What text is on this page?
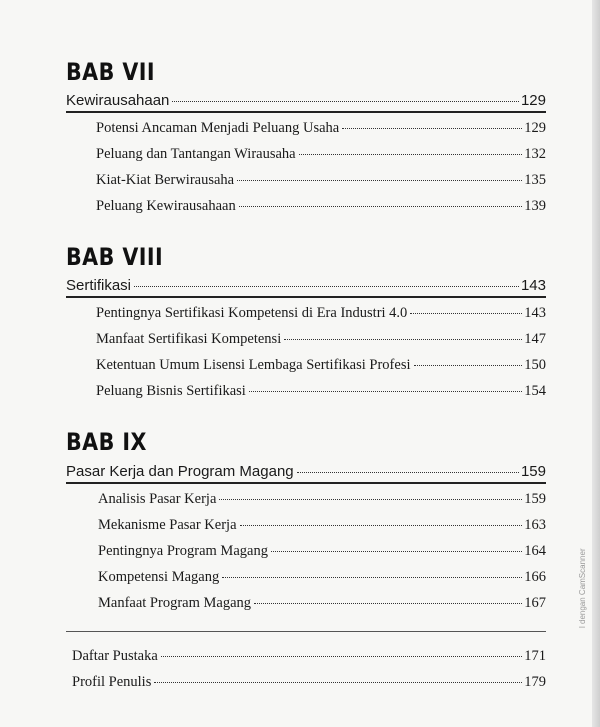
BAB VII
Kewirausahaan	129
Potensi Ancaman Menjadi Peluang Usaha	129
Peluang dan Tantangan Wirausaha	132
Kiat-Kiat Berwirausaha	135
Peluang Kewirausahaan	139
BAB VIII
Sertifikasi	143
Pentingnya Sertifikasi Kompetensi di Era Industri 4.0	143
Manfaat Sertifikasi Kompetensi	147
Ketentuan Umum Lisensi Lembaga Sertifikasi Profesi	150
Peluang Bisnis Sertifikasi	154
BAB IX
Pasar Kerja dan Program Magang	159
Analisis Pasar Kerja	159
Mekanisme Pasar Kerja	163
Pentingnya Program Magang	164
Kompetensi Magang	166
Manfaat Program Magang	167
Daftar Pustaka	171
Profil Penulis	179
l dengan CamScanner
